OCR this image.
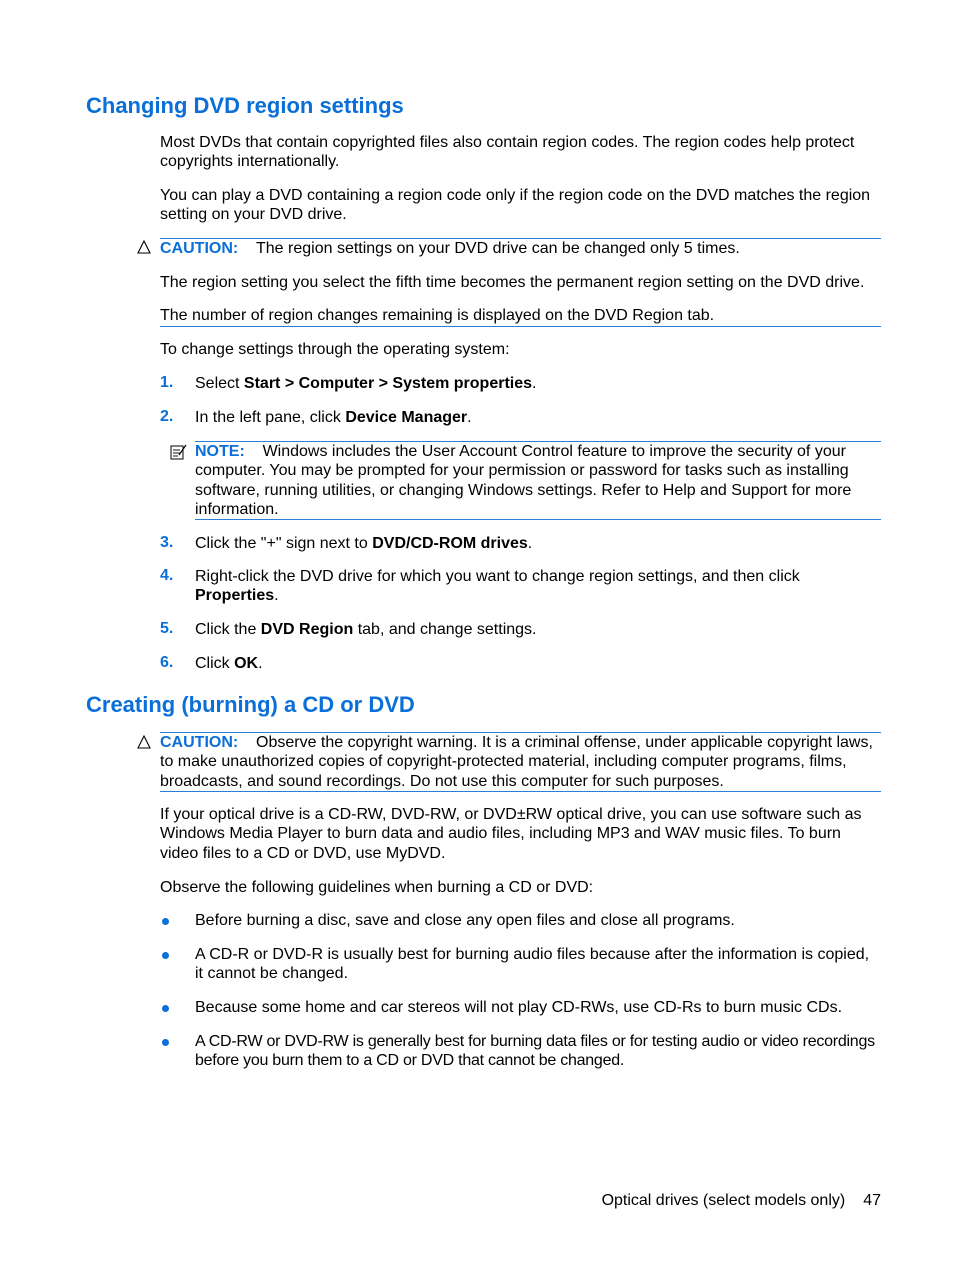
Changing DVD region settings

Most DVDs that contain copyrighted files also contain region codes. The region codes help protect copyrights internationally.

You can play a DVD containing a region code only if the region code on the DVD matches the region setting on your DVD drive.

CAUTION: The region settings on your DVD drive can be changed only 5 times.

The region setting you select the fifth time becomes the permanent region setting on the DVD drive.

The number of region changes remaining is displayed on the DVD Region tab.

To change settings through the operating system:

1. Select Start > Computer > System properties.

2. In the left pane, click Device Manager.

NOTE: Windows includes the User Account Control feature to improve the security of your computer. You may be prompted for your permission or password for tasks such as installing software, running utilities, or changing Windows settings. Refer to Help and Support for more information.

3. Click the "+" sign next to DVD/CD-ROM drives.

4. Right-click the DVD drive for which you want to change region settings, and then click Properties.

5. Click the DVD Region tab, and change settings.

6. Click OK.

Creating (burning) a CD or DVD

CAUTION: Observe the copyright warning. It is a criminal offense, under applicable copyright laws, to make unauthorized copies of copyright-protected material, including computer programs, films, broadcasts, and sound recordings. Do not use this computer for such purposes.

If your optical drive is a CD-RW, DVD-RW, or DVD±RW optical drive, you can use software such as Windows Media Player to burn data and audio files, including MP3 and WAV music files. To burn video files to a CD or DVD, use MyDVD.

Observe the following guidelines when burning a CD or DVD:

Before burning a disc, save and close any open files and close all programs.

A CD-R or DVD-R is usually best for burning audio files because after the information is copied, it cannot be changed.

Because some home and car stereos will not play CD-RWs, use CD-Rs to burn music CDs.

A CD-RW or DVD-RW is generally best for burning data files or for testing audio or video recordings before you burn them to a CD or DVD that cannot be changed.

Optical drives (select models only) 47
